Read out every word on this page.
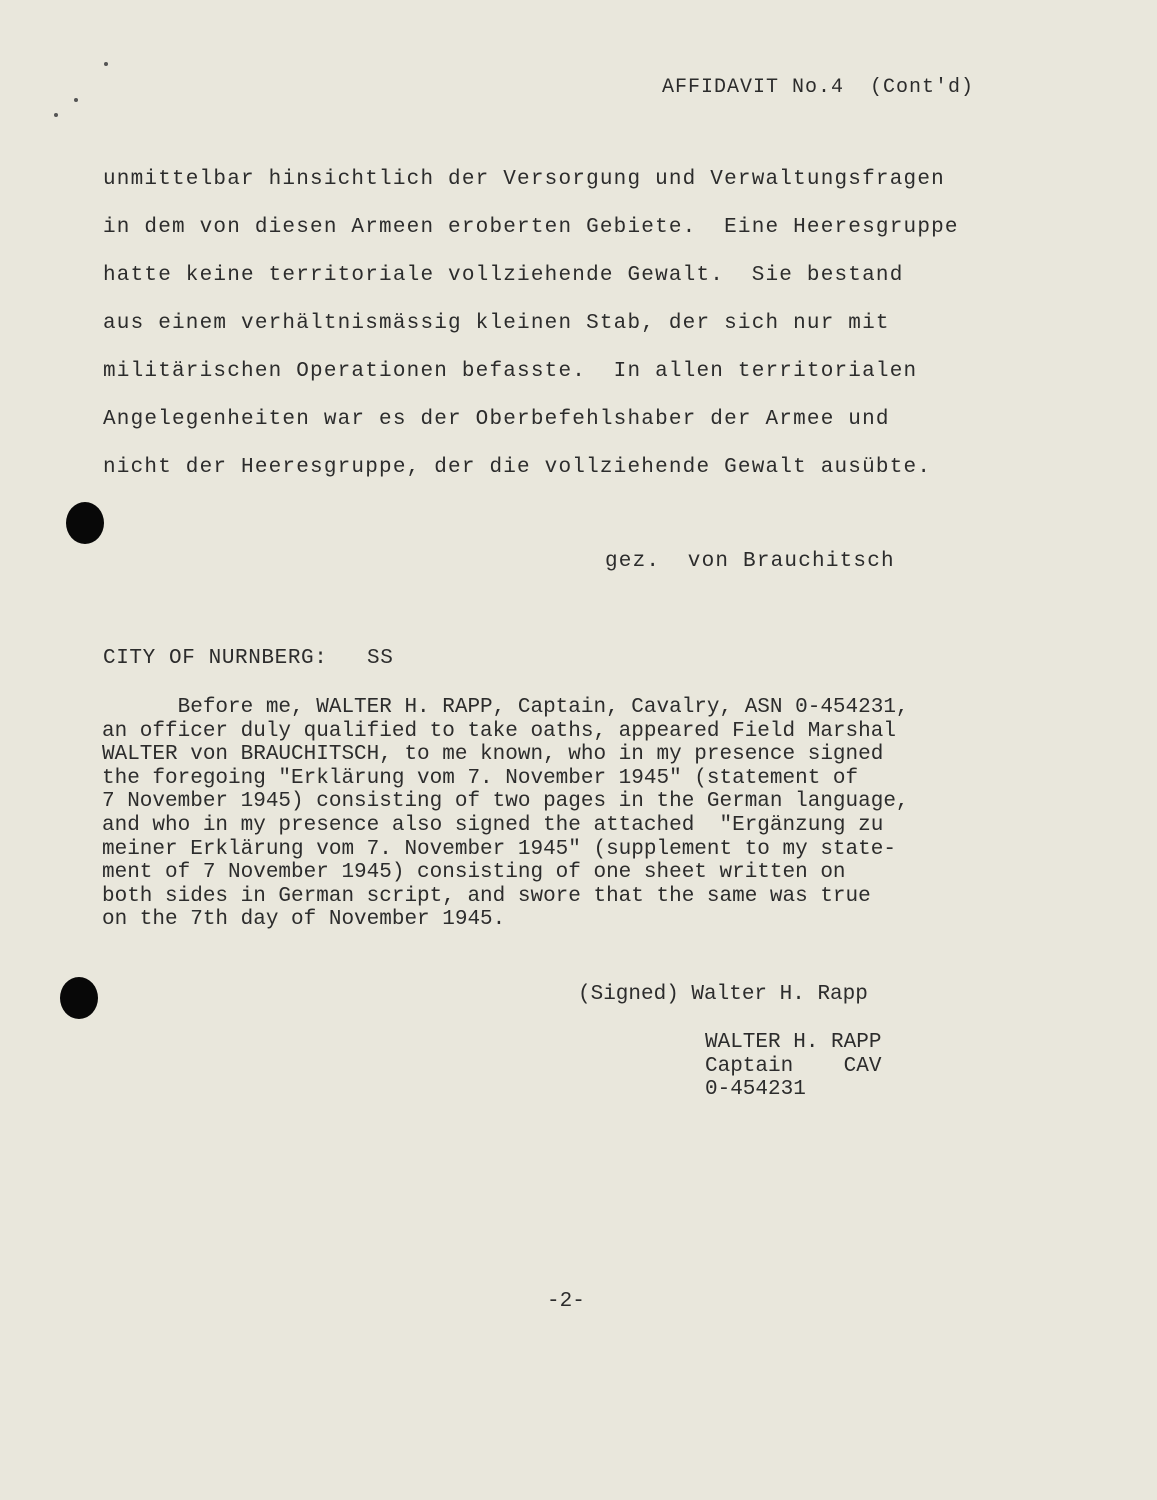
AFFIDAVIT No.4  (Cont'd)
unmittelbar hinsichtlich der Versorgung und Verwaltungsfragen
in dem von diesen Armeen eroberten Gebiete.  Eine Heeresgruppe
hatte keine territoriale vollziehende Gewalt.  Sie bestand
aus einem verhältnismässig kleinen Stab, der sich nur mit
militärischen Operationen befasste.  In allen territorialen
Angelegenheiten war es der Oberbefehlshaber der Armee und
nicht der Heeresgruppe, der die vollziehende Gewalt ausübte.
gez.  von Brauchitsch
CITY OF NURNBERG:   SS
Before me, WALTER H. RAPP, Captain, Cavalry, ASN 0-454231,
an officer duly qualified to take oaths, appeared Field Marshal
WALTER von BRAUCHITSCH, to me known, who in my presence signed
the foregoing "Erklärung vom 7. November 1945" (statement of
7 November 1945) consisting of two pages in the German language,
and who in my presence also signed the attached  "Ergänzung zu
meiner Erklärung vom 7. November 1945" (supplement to my state-
ment of 7 November 1945) consisting of one sheet written on
both sides in German script, and swore that the same was true
on the 7th day of November 1945.
(Signed) Walter H. Rapp
WALTER H. RAPP
Captain    CAV
0-454231
-2-
